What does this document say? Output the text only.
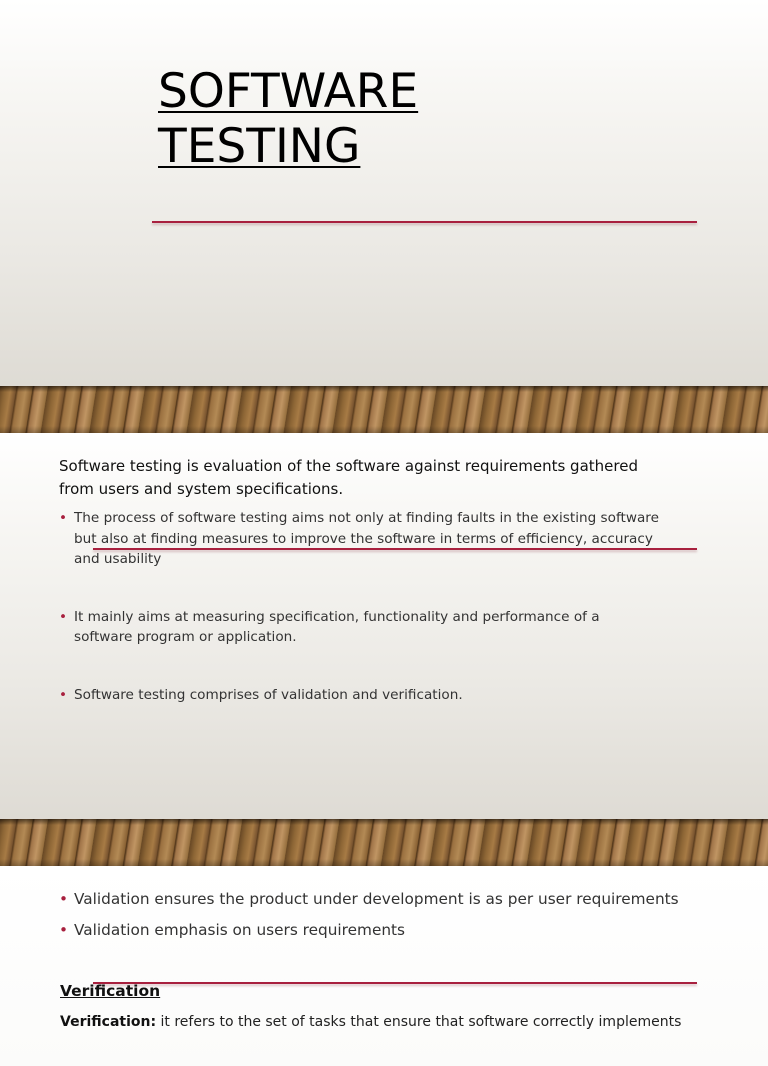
SOFTWARE
TESTING

Software testing is evaluation of the software against requirements gathered from users and system specifications.

• The process of software testing aims not only at finding faults in the existing software but also at finding measures to improve the software in terms of efficiency, accuracy and usability
• It mainly aims at measuring specification, functionality and performance of a software program or application.
• Software testing comprises of validation and verification.
• Validation ensures the product under development is as per user requirements
• Validation emphasis on users requirements
Verification

Verification: it refers to the set of tasks that ensure that software correctly implements
